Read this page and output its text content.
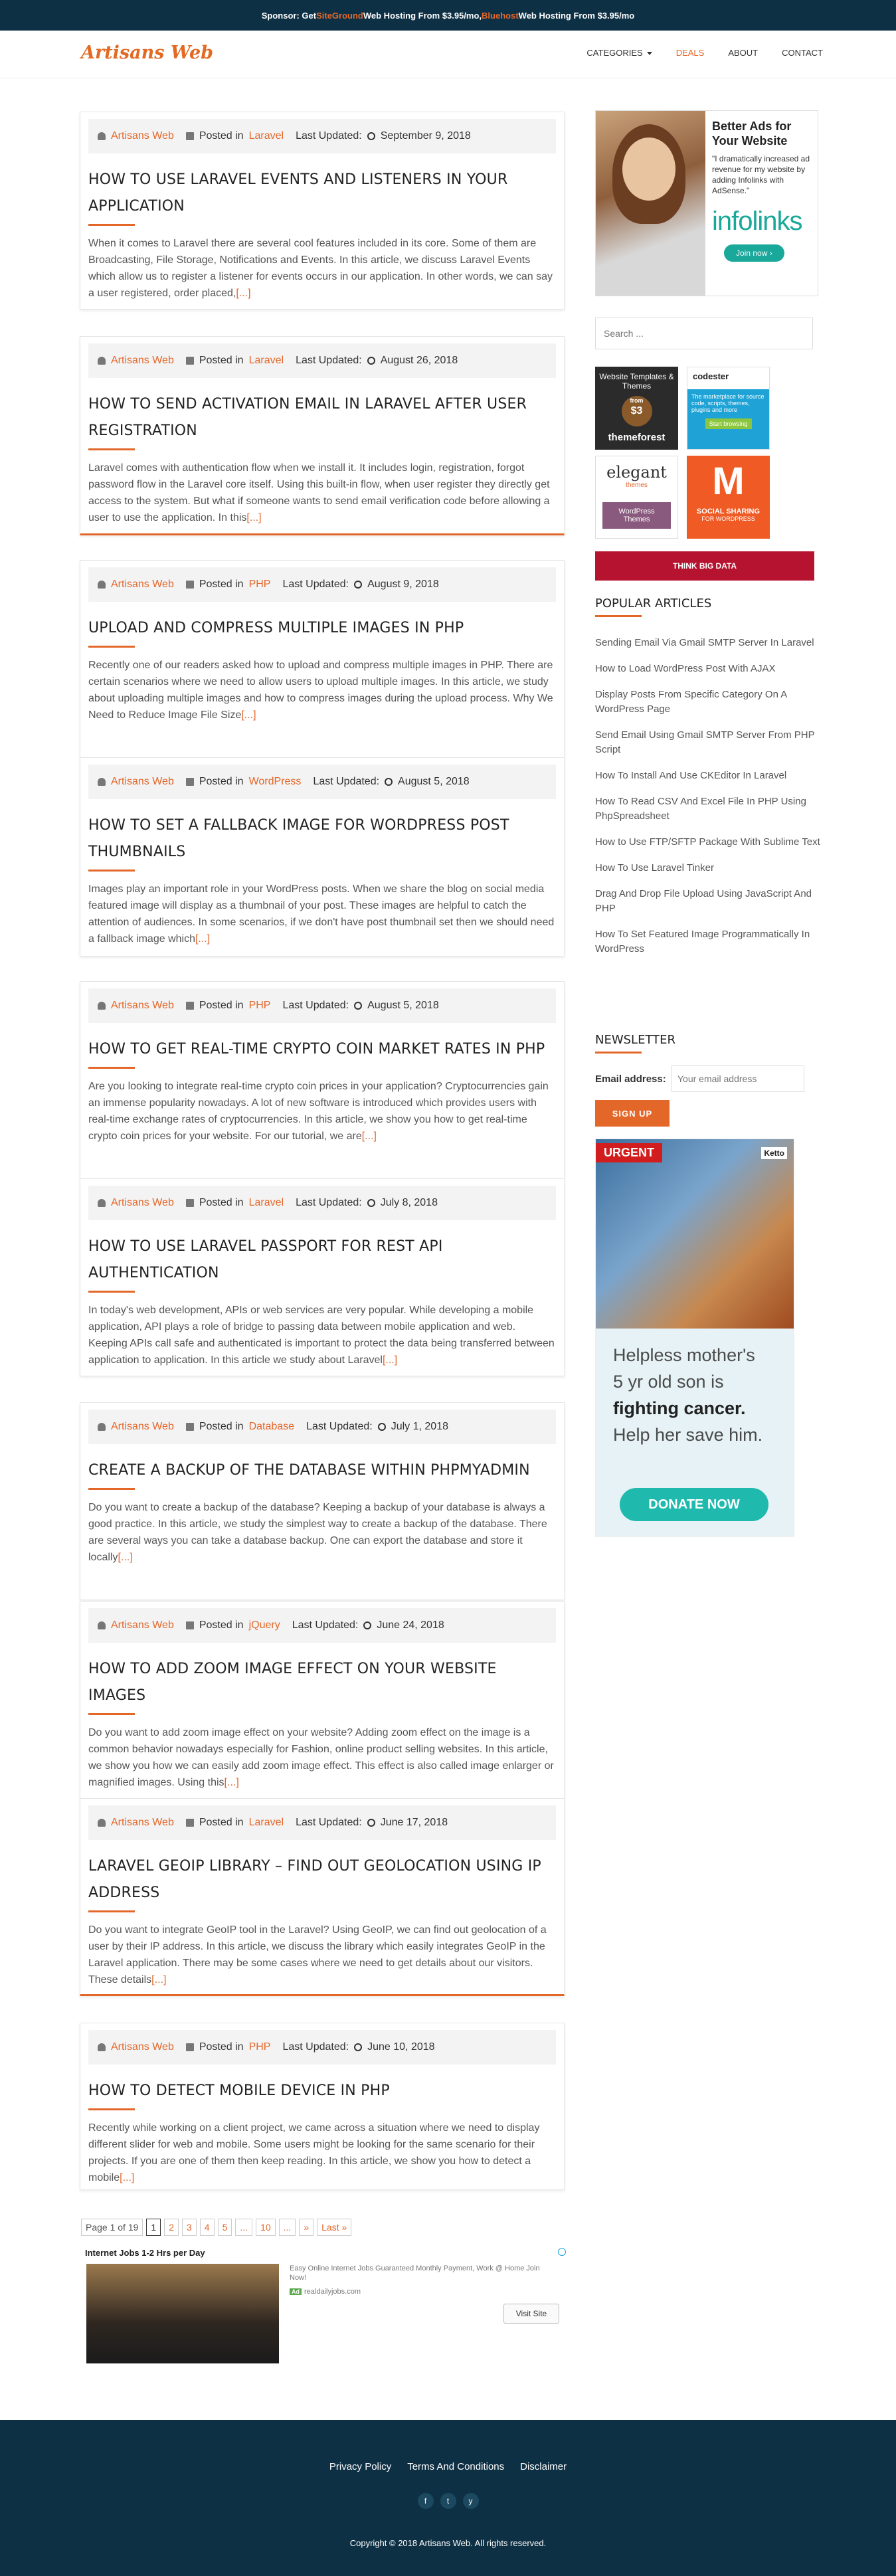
Sponsor: Get SiteGround Web Hosting From $3.95/mo, Bluehost Web Hosting From $3.95/mo
Artisans Web	CATEGORIES	DEALS	ABOUT	CONTACT
Artisans Web Posted in Laravel Last Updated: September 9, 2018
HOW TO USE LARAVEL EVENTS AND LISTENERS IN YOUR APPLICATION
When it comes to Laravel there are several cool features included in its core. Some of them are Broadcasting, File Storage, Notifications and Events. In this article, we discuss Laravel Events which allow us to register a listener for events occurs in our application. In other words, we can say a user registered, order placed,[...]
Artisans Web Posted in Laravel Last Updated: August 26, 2018
HOW TO SEND ACTIVATION EMAIL IN LARAVEL AFTER USER REGISTRATION
Laravel comes with authentication flow when we install it. It includes login, registration, forgot password flow in the Laravel core itself. Using this built-in flow, when user register they directly get access to the system. But what if someone wants to send email verification code before allowing a user to use the application. In this[...]
Artisans Web Posted in PHP Last Updated: August 9, 2018
UPLOAD AND COMPRESS MULTIPLE IMAGES IN PHP
Recently one of our readers asked how to upload and compress multiple images in PHP. There are certain scenarios where we need to allow users to upload multiple images. In this article, we study about uploading multiple images and how to compress images during the upload process. Why We Need to Reduce Image File Size[...]
Artisans Web Posted in WordPress Last Updated: August 5, 2018
HOW TO SET A FALLBACK IMAGE FOR WORDPRESS POST THUMBNAILS
Images play an important role in your WordPress posts. When we share the blog on social media featured image will display as a thumbnail of your post. These images are helpful to catch the attention of audiences. In some scenarios, if we don't have post thumbnail set then we should need a fallback image which[...]
Artisans Web Posted in PHP Last Updated: August 5, 2018
HOW TO GET REAL-TIME CRYPTO COIN MARKET RATES IN PHP
Are you looking to integrate real-time crypto coin prices in your application? Cryptocurrencies gain an immense popularity nowadays. A lot of new software is introduced which provides users with real-time exchange rates of cryptocurrencies. In this article, we show you how to get real-time crypto coin prices for your website. For our tutorial, we are[...]
Artisans Web Posted in Laravel Last Updated: July 8, 2018
HOW TO USE LARAVEL PASSPORT FOR REST API AUTHENTICATION
In today's web development, APIs or web services are very popular. While developing a mobile application, API plays a role of bridge to passing data between mobile application and web. Keeping APIs call safe and authenticated is important to protect the data being transferred between application to application. In this article we study about Laravel[...]
Artisans Web Posted in Database Last Updated: July 1, 2018
CREATE A BACKUP OF THE DATABASE WITHIN PHPMYADMIN
Do you want to create a backup of the database? Keeping a backup of your database is always a good practice. In this article, we study the simplest way to create a backup of the database. There are several ways you can take a database backup. One can export the database and store it locally[...]
Artisans Web Posted in jQuery Last Updated: June 24, 2018
HOW TO ADD ZOOM IMAGE EFFECT ON YOUR WEBSITE IMAGES
Do you want to add zoom image effect on your website? Adding zoom effect on the image is a common behavior nowadays especially for Fashion, online product selling websites. In this article, we show you how we can easily add zoom image effect. This effect is also called image enlarger or magnified images. Using this[...]
Artisans Web Posted in Laravel Last Updated: June 17, 2018
LARAVEL GEOIP LIBRARY – FIND OUT GEOLOCATION USING IP ADDRESS
Do you want to integrate GeoIP tool in the Laravel? Using GeoIP, we can find out geolocation of a user by their IP address. In this article, we discuss the library which easily integrates GeoIP in the Laravel application. There may be some cases where we need to get details about our visitors. These details[...]
Artisans Web Posted in PHP Last Updated: June 10, 2018
HOW TO DETECT MOBILE DEVICE IN PHP
Recently while working on a client project, we came across a situation where we need to display different slider for web and mobile. Some users might be looking for the same scenario for their projects. If you are one of them then keep reading. In this article, we show you how to detect a mobile[...]
Page 1 of 19	1	2	3	4	5	...	10	...	»	Last »
Internet Jobs 1-2 Hrs per Day
Easy Online Internet Jobs Guaranteed Monthly Payment, Work @ Home Join Now!
Ad realdailyjobs.com
Visit Site
Better Ads for Your Website
"I dramatically increased ad revenue for my website by adding Infolinks with AdSense."
infolinks
Join now ›
Search ...
Website Templates & Themes
from
$3
themeforest
codester
The marketplace for source code, scripts, themes, plugins and more
Start browsing
elegant
themes
WordPress Themes
M
SOCIAL SHARING
FOR WORDPRESS
THINK BIG DATA
POPULAR ARTICLES
Sending Email Via Gmail SMTP Server In Laravel
How to Load WordPress Post With AJAX
Display Posts From Specific Category On A WordPress Page
Send Email Using Gmail SMTP Server From PHP Script
How To Install And Use CKEditor In Laravel
How To Read CSV And Excel File In PHP Using PhpSpreadsheet
How to Use FTP/SFTP Package With Sublime Text
How To Use Laravel Tinker
Drag And Drop File Upload Using JavaScript And PHP
How To Set Featured Image Programmatically In WordPress
NEWSLETTER
Email address:
Your email address
SIGN UP
URGENT	Ketto
Helpless mother's
5 yr old son is
fighting cancer.
Help her save him.
DONATE NOW
Privacy Policy Terms And Conditions Disclaimer
f	t	y
Copyright © 2018 Artisans Web. All rights reserved.
